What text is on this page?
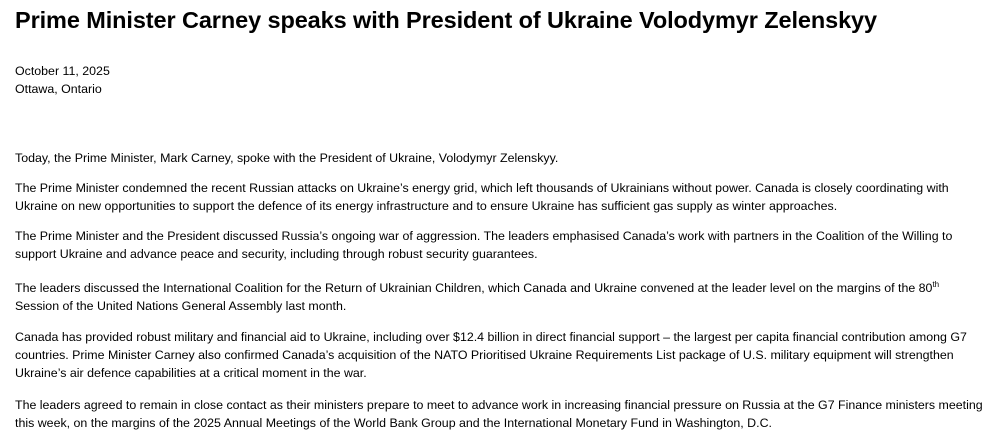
Prime Minister Carney speaks with President of Ukraine Volodymyr Zelenskyy
October 11, 2025
Ottawa, Ontario

Today, the Prime Minister, Mark Carney, spoke with the President of Ukraine, Volodymyr Zelenskyy.

The Prime Minister condemned the recent Russian attacks on Ukraine’s energy grid, which left thousands of Ukrainians without power. Canada is closely coordinating with
Ukraine on new opportunities to support the defence of its energy infrastructure and to ensure Ukraine has sufficient gas supply as winter approaches.

The Prime Minister and the President discussed Russia’s ongoing war of aggression. The leaders emphasised Canada’s work with partners in the Coalition of the Willing to
support Ukraine and advance peace and security, including through robust security guarantees.

The leaders discussed the International Coalition for the Return of Ukrainian Children, which Canada and Ukraine convened at the leader level on the margins of the 80th
Session of the United Nations General Assembly last month.

Canada has provided robust military and financial aid to Ukraine, including over $12.4 billion in direct financial support – the largest per capita financial contribution among G7
countries. Prime Minister Carney also confirmed Canada’s acquisition of the NATO Prioritised Ukraine Requirements List package of U.S. military equipment will strengthen
Ukraine’s air defence capabilities at a critical moment in the war.

The leaders agreed to remain in close contact as their ministers prepare to meet to advance work in increasing financial pressure on Russia at the G7 Finance ministers meeting
this week, on the margins of the 2025 Annual Meetings of the World Bank Group and the International Monetary Fund in Washington, D.C.
